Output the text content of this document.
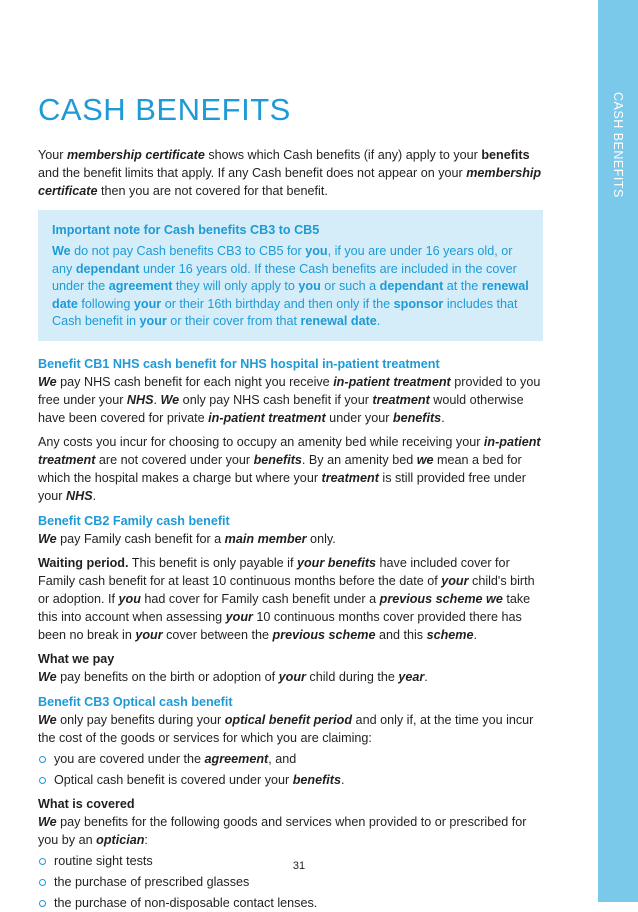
CASH BENEFITS
CASH BENEFITS

Your membership certificate shows which Cash benefits (if any) apply to your benefits and the benefit limits that apply. If any Cash benefit does not appear on your membership certificate then you are not covered for that benefit.

Important note for Cash benefits CB3 to CB5

We do not pay Cash benefits CB3 to CB5 for you, if you are under 16 years old, or any dependant under 16 years old. If these Cash benefits are included in the cover under the agreement they will only apply to you or such a dependant at the renewal date following your or their 16th birthday and then only if the sponsor includes that Cash benefit in your or their cover from that renewal date.

Benefit CB1 NHS cash benefit for NHS hospital in-patient treatment

We pay NHS cash benefit for each night you receive in-patient treatment provided to you free under your NHS. We only pay NHS cash benefit if your treatment would otherwise have been covered for private in-patient treatment under your benefits.

Any costs you incur for choosing to occupy an amenity bed while receiving your in-patient treatment are not covered under your benefits. By an amenity bed we mean a bed for which the hospital makes a charge but where your treatment is still provided free under your NHS.

Benefit CB2 Family cash benefit

We pay Family cash benefit for a main member only.

Waiting period. This benefit is only payable if your benefits have included cover for Family cash benefit for at least 10 continuous months before the date of your child's birth or adoption. If you had cover for Family cash benefit under a previous scheme we take this into account when assessing your 10 continuous months cover provided there has been no break in your cover between the previous scheme and this scheme.

What we pay

We pay benefits on the birth or adoption of your child during the year.

Benefit CB3 Optical cash benefit

We only pay benefits during your optical benefit period and only if, at the time you incur the cost of the goods or services for which you are claiming:

you are covered under the agreement, and
Optical cash benefit is covered under your benefits.

What is covered

We pay benefits for the following goods and services when provided to or prescribed for you by an optician:

routine sight tests
the purchase of prescribed glasses
the purchase of non-disposable contact lenses.
31
